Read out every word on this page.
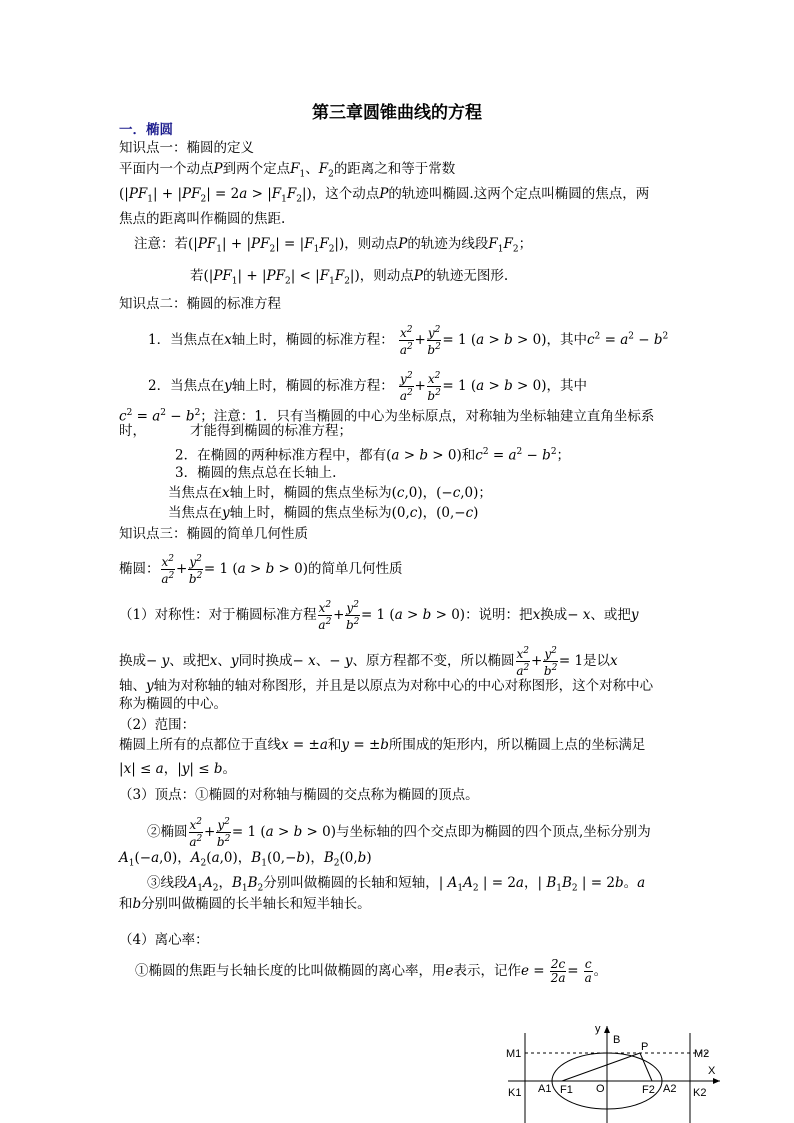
第三章圆锥曲线的方程
一．椭圆
知识点一：椭圆的定义
平面内一个动点P到两个定点$F_1$、$F_2$的距离之和等于常数
$(|PF_1| + |PF_2| = 2a > |F_1F_2|)$，这个动点P的轨迹叫椭圆.这两个定点叫椭圆的焦点，两
焦点的距离叫作椭圆的焦距.
注意：若$(|PF_1| + |PF_2| = |F_1F_2|)$，则动点P的轨迹为线段$F_1F_2$；
若$(|PF_1| + |PF_2| < |F_1F_2|)$，则动点P的轨迹无图形.
知识点二：椭圆的标准方程
1．当焦点在x轴上时，椭圆的标准方程： $\frac{x^2}{a^2} + \frac{y^2}{b^2} = 1$ (a > b > 0)，其中$c^2 = a^2 - b^2$
2．当焦点在y轴上时，椭圆的标准方程： $\frac{y^2}{a^2} + \frac{x^2}{b^2} = 1$ (a > b > 0)，其中
$c^2 = a^2 - b^2$；注意：1．只有当椭圆的中心为坐标原点，对称轴为坐标轴建立直角坐标系
时，	才能得到椭圆的标准方程；
2．在椭圆的两种标准方程中，都有(a > b > 0)和$c^2 = a^2 - b^2$；
3．椭圆的焦点总在长轴上.
当焦点在x轴上时，椭圆的焦点坐标为(c,0)，(−c,0)；
当焦点在y轴上时，椭圆的焦点坐标为(0,c)，(0,−c)
知识点三：椭圆的简单几何性质
椭圆： $\frac{x^2}{a^2} + \frac{y^2}{b^2} = 1$ (a > b > 0)的简单几何性质
（1）对称性：对于椭圆标准方程 $\frac{x^2}{a^2} + \frac{y^2}{b^2} = 1$ (a > b > 0)：说明：把x换成− x、或把y
换成− y、或把x、y同时换成− x、− y、原方程都不变，所以椭圆 $\frac{x^2}{a^2} + \frac{y^2}{b^2} = 1$是以x
轴、y轴为对称轴的轴对称图形，并且是以原点为对称中心的中心对称图形，这个对称中心
称为椭圆的中心。
（2）范围：
椭圆上所有的点都位于直线x = ±a和y = ±b所围成的矩形内，所以椭圆上点的坐标满足
|x| ≤ a，|y| ≤ b。
（3）顶点：①椭圆的对称轴与椭圆的交点称为椭圆的顶点。
②椭圆 $\frac{x^2}{a^2} + \frac{y^2}{b^2} = 1$ (a > b > 0)与坐标轴的四个交点即为椭圆的四个顶点,坐标分别为
$A_1(-a,0)$，$A_2(a,0)$，$B_1(0,-b)$，$B_2(0,b)$
③线段$A_1A_2$，$B_1B_2$分别叫做椭圆的长轴和短轴，| $A_1A_2$ | = 2a，| $B_1B_2$ | = 2b。a
和b分别叫做椭圆的长半轴长和短半轴长。
（4）离心率：
①椭圆的焦距与长轴长度的比叫做椭圆的离心率，用e表示，记作$e = \frac{2c}{2a} = \frac{c}{a}$ 。
y
B
P
M1	M2
X
K1 A1 F1 O	F2 A2 K2
